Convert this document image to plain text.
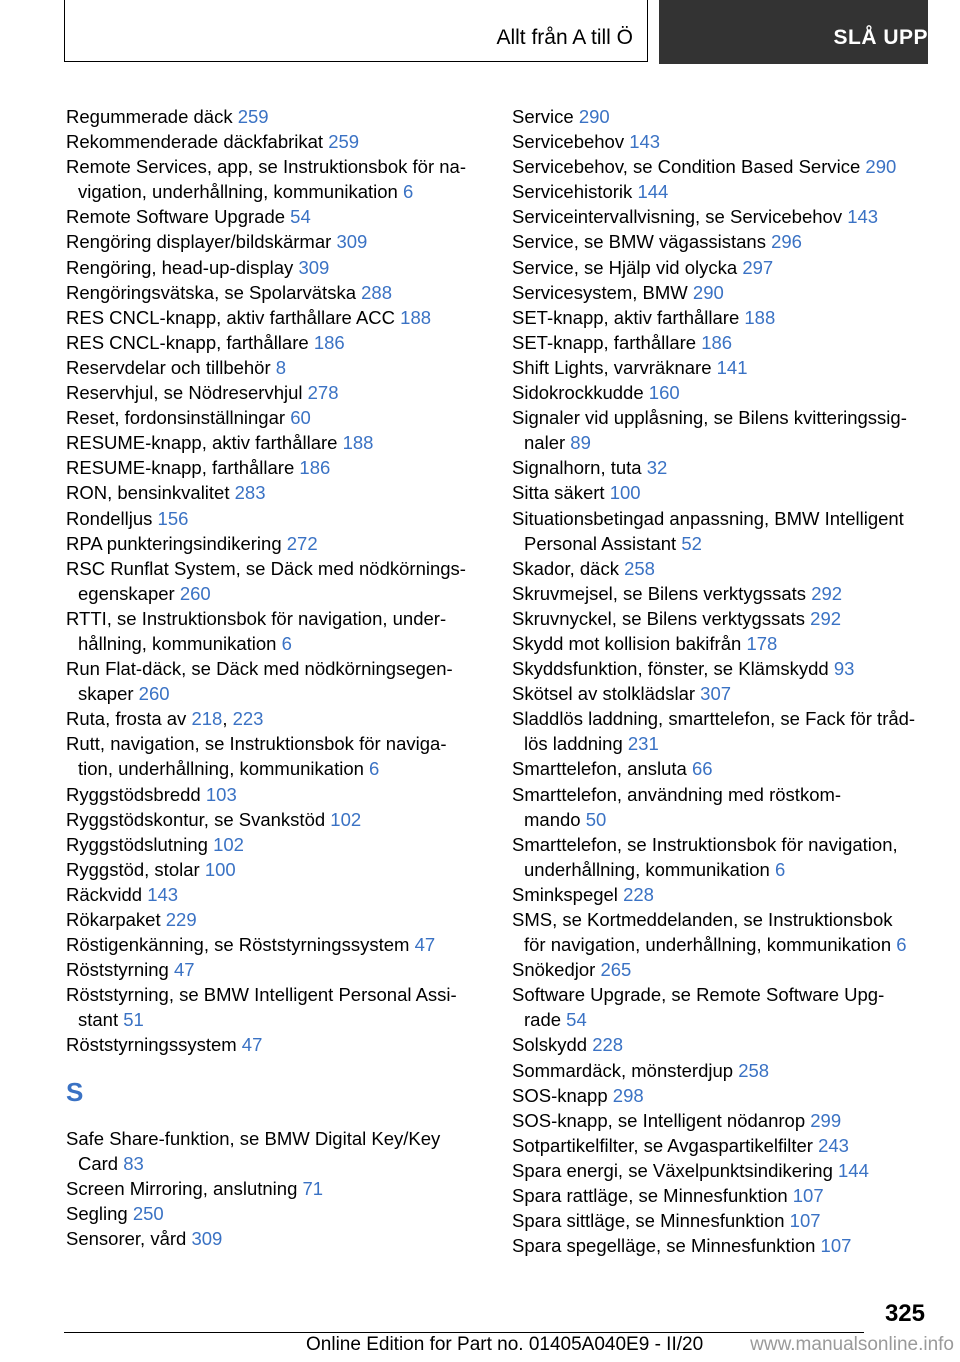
Allt från A till Ö	SLÅ UPP
Regummerade däck 259
Rekommenderade däckfabrikat 259
Remote Services, app, se Instruktionsbok för na-
vigation, underhållning, kommunikation 6
Remote Software Upgrade 54
Rengöring displayer/bildskärmar 309
Rengöring, head-up-display 309
Rengöringsvätska, se Spolarvätska 288
RES CNCL-knapp, aktiv farthållare ACC 188
RES CNCL-knapp, farthållare 186
Reservdelar och tillbehör 8
Reservhjul, se Nödreservhjul 278
Reset, fordonsinställningar 60
RESUME-knapp, aktiv farthållare 188
RESUME-knapp, farthållare 186
RON, bensinkvalitet 283
Rondelljus 156
RPA punkteringsindikering 272
RSC Runflat System, se Däck med nödkörnings-
egenskaper 260
RTTI, se Instruktionsbok för navigation, under-
hållning, kommunikation 6
Run Flat-däck, se Däck med nödkörningsegen-
skaper 260
Ruta, frosta av 218, 223
Rutt, navigation, se Instruktionsbok för naviga-
tion, underhållning, kommunikation 6
Ryggstödsbredd 103
Ryggstödskontur, se Svankstöd 102
Ryggstödslutning 102
Ryggstöd, stolar 100
Räckvidd 143
Rökarpaket 229
Röstigenkänning, se Röststyrningssystem 47
Röststyrning 47
Röststyrning, se BMW Intelligent Personal Assi-
stant 51
Röststyrningssystem 47
S
Safe Share-funktion, se BMW Digital Key/Key
Card 83
Screen Mirroring, anslutning 71
Segling 250
Sensorer, vård 309
Service 290
Servicebehov 143
Servicebehov, se Condition Based Service 290
Servicehistorik 144
Serviceintervallvisning, se Servicebehov 143
Service, se BMW vägassistans 296
Service, se Hjälp vid olycka 297
Servicesystem, BMW 290
SET-knapp, aktiv farthållare 188
SET-knapp, farthållare 186
Shift Lights, varvräknare 141
Sidokrockkudde 160
Signaler vid upplåsning, se Bilens kvitteringssig-
naler 89
Signalhorn, tuta 32
Sitta säkert 100
Situationsbetingad anpassning, BMW Intelligent
Personal Assistant 52
Skador, däck 258
Skruvmejsel, se Bilens verktygssats 292
Skruvnyckel, se Bilens verktygssats 292
Skydd mot kollision bakifrån 178
Skyddsfunktion, fönster, se Klämskydd 93
Skötsel av stolklädslar 307
Sladdlös laddning, smarttelefon, se Fack för tråd-
lös laddning 231
Smarttelefon, ansluta 66
Smarttelefon, användning med röstkom-
mando 50
Smarttelefon, se Instruktionsbok för navigation,
underhållning, kommunikation 6
Sminkspegel 228
SMS, se Kortmeddelanden, se Instruktionsbok
för navigation, underhållning, kommunikation 6
Snökedjor 265
Software Upgrade, se Remote Software Upg-
rade 54
Solskydd 228
Sommardäck, mönsterdjup 258
SOS-knapp 298
SOS-knapp, se Intelligent nödanrop 299
Sotpartikelfilter, se Avgaspartikelfilter 243
Spara energi, se Växelpunktsindikering 144
Spara rattläge, se Minnesfunktion 107
Spara sittläge, se Minnesfunktion 107
Spara spegelläge, se Minnesfunktion 107
325
Online Edition for Part no. 01405A040E9 - II/20 www.manualsonline.info
